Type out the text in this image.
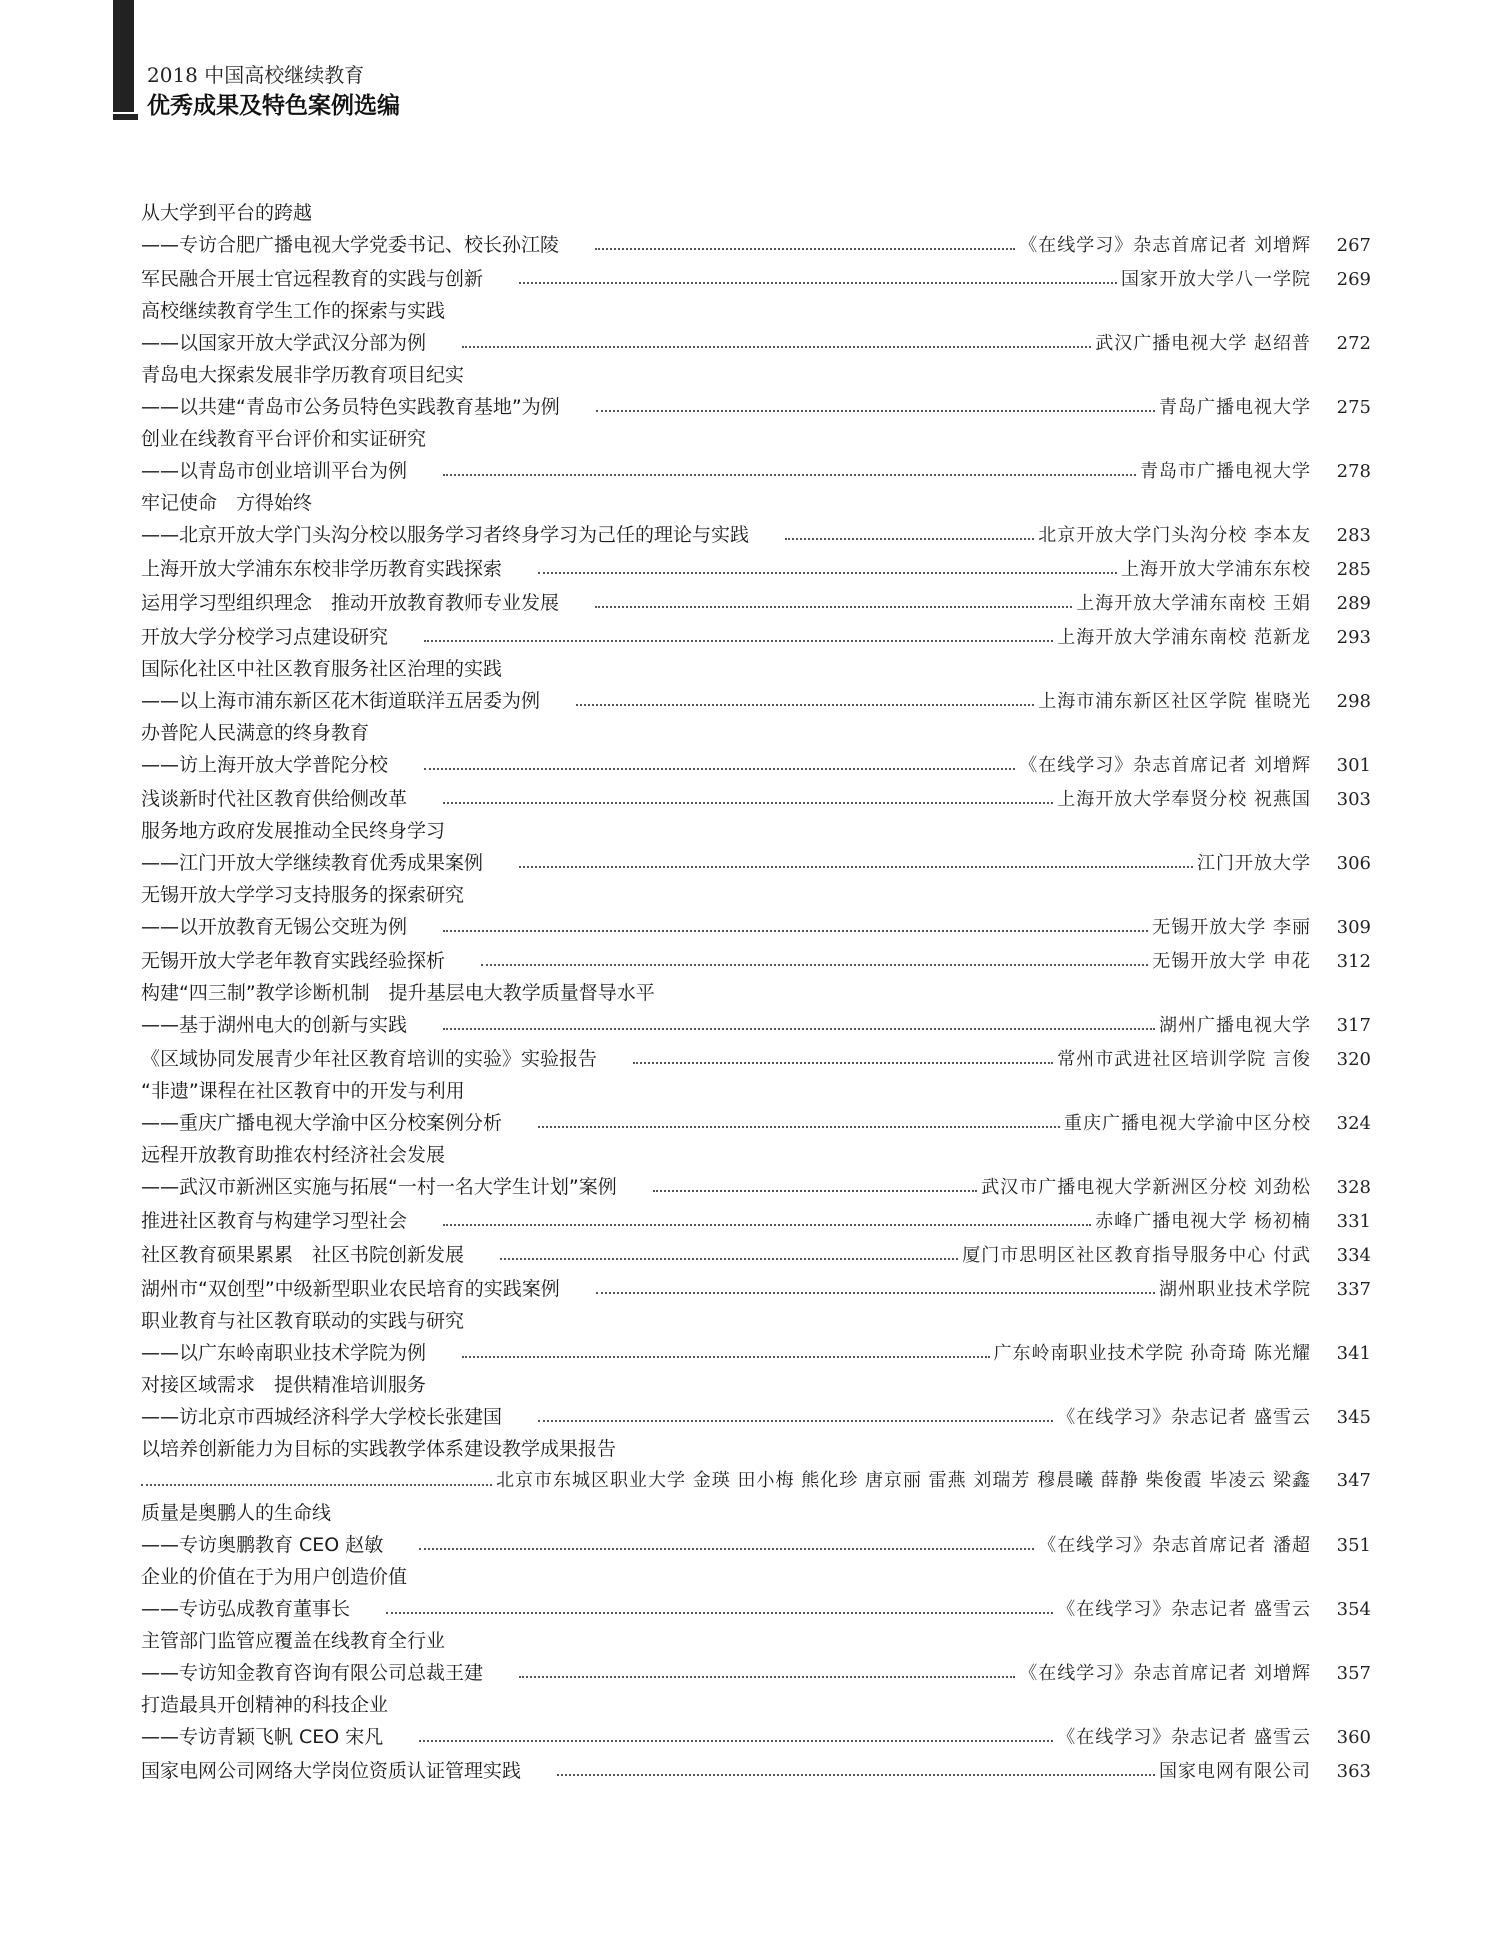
2018 中国高校继续教育
优秀成果及特色案例选编
从大学到平台的跨越
——专访合肥广播电视大学党委书记、校长孙江陵	《在线学习》杂志首席记者 刘增辉	267
军民融合开展士官远程教育的实践与创新	国家开放大学八一学院	269
高校继续教育学生工作的探索与实践
——以国家开放大学武汉分部为例	武汉广播电视大学 赵绍普	272
青岛电大探索发展非学历教育项目纪实
——以共建“青岛市公务员特色实践教育基地”为例	青岛广播电视大学	275
创业在线教育平台评价和实证研究
——以青岛市创业培训平台为例	青岛市广播电视大学	278
牢记使命　方得始终
——北京开放大学门头沟分校以服务学习者终身学习为己任的理论与实践	北京开放大学门头沟分校 李本友	283
上海开放大学浦东东校非学历教育实践探索	上海开放大学浦东东校	285
运用学习型组织理念　推动开放教育教师专业发展	上海开放大学浦东南校 王娟	289
开放大学分校学习点建设研究	上海开放大学浦东南校 范新龙	293
国际化社区中社区教育服务社区治理的实践
——以上海市浦东新区花木街道联洋五居委为例	上海市浦东新区社区学院 崔晓光	298
办普陀人民满意的终身教育
——访上海开放大学普陀分校	《在线学习》杂志首席记者 刘增辉	301
浅谈新时代社区教育供给侧改革	上海开放大学奉贤分校 祝燕国	303
服务地方政府发展推动全民终身学习
——江门开放大学继续教育优秀成果案例	江门开放大学	306
无锡开放大学学习支持服务的探索研究
——以开放教育无锡公交班为例	无锡开放大学 李丽	309
无锡开放大学老年教育实践经验探析	无锡开放大学 申花	312
构建“四三制”教学诊断机制　提升基层电大教学质量督导水平
——基于湖州电大的创新与实践	湖州广播电视大学	317
《区域协同发展青少年社区教育培训的实验》实验报告	常州市武进社区培训学院 言俊	320
“非遗”课程在社区教育中的开发与利用
——重庆广播电视大学渝中区分校案例分析	重庆广播电视大学渝中区分校	324
远程开放教育助推农村经济社会发展
——武汉市新洲区实施与拓展“一村一名大学生计划”案例	武汉市广播电视大学新洲区分校 刘劲松	328
推进社区教育与构建学习型社会	赤峰广播电视大学 杨初楠	331
社区教育硕果累累　社区书院创新发展	厦门市思明区社区教育指导服务中心 付武	334
湖州市“双创型”中级新型职业农民培育的实践案例	湖州职业技术学院	337
职业教育与社区教育联动的实践与研究
——以广东岭南职业技术学院为例	广东岭南职业技术学院 孙奇琦 陈光耀	341
对接区域需求　提供精准培训服务
——访北京市西城经济科学大学校长张建国	《在线学习》杂志记者 盛雪云	345
以培养创新能力为目标的实践教学体系建设教学成果报告
北京市东城区职业大学 金瑛 田小梅 熊化珍 唐京丽 雷燕 刘瑞芳 穆晨曦 薛静 柴俊霞 毕凌云 梁鑫	347
质量是奥鹏人的生命线
——专访奥鹏教育 CEO 赵敏	《在线学习》杂志首席记者 潘超	351
企业的价值在于为用户创造价值
——专访弘成教育董事长	《在线学习》杂志记者 盛雪云	354
主管部门监管应覆盖在线教育全行业
——专访知金教育咨询有限公司总裁王建	《在线学习》杂志首席记者 刘增辉	357
打造最具开创精神的科技企业
——专访青颖飞帆 CEO 宋凡	《在线学习》杂志记者 盛雪云	360
国家电网公司网络大学岗位资质认证管理实践	国家电网有限公司	363
